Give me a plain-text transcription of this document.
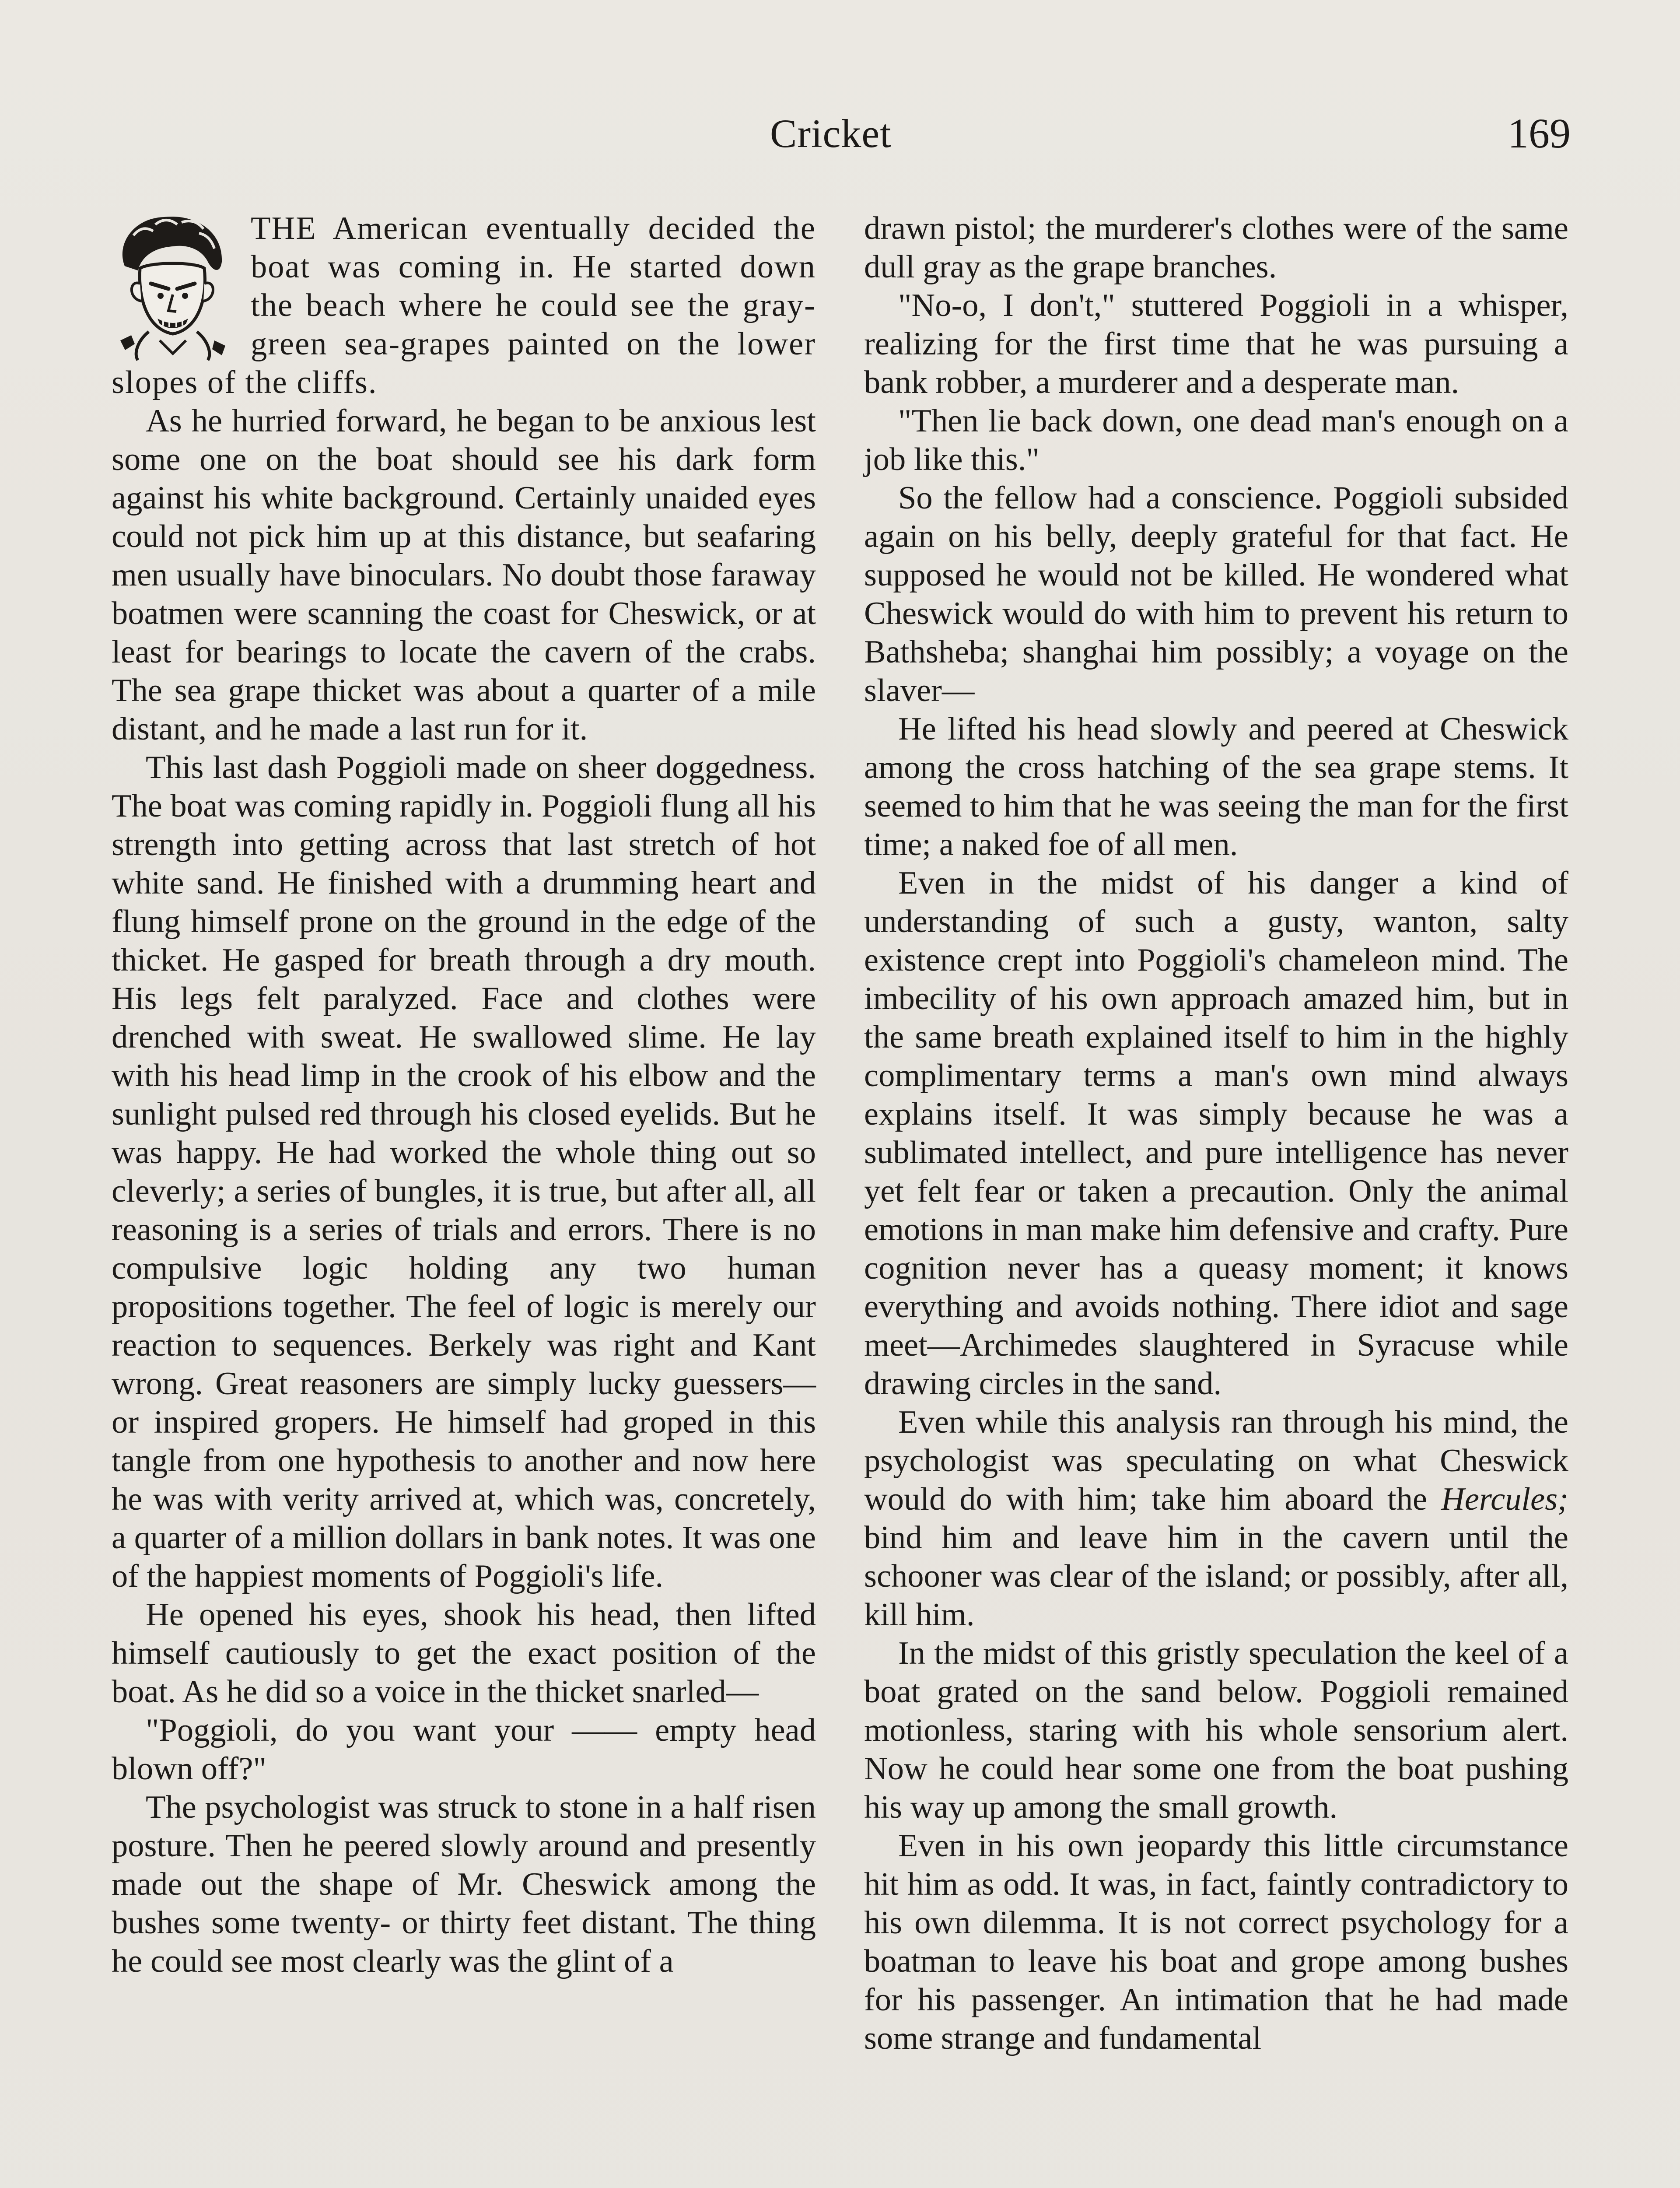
Cricket	169

THE American eventually decided the boat was coming in. He started down the beach where he could see the gray-green sea-grapes painted on the lower slopes of the cliffs.

As he hurried forward, he began to be anxious lest some one on the boat should see his dark form against his white background. Certainly unaided eyes could not pick him up at this distance, but seafaring men usually have binoculars. No doubt those faraway boatmen were scanning the coast for Cheswick, or at least for bearings to locate the cavern of the crabs. The sea grape thicket was about a quarter of a mile distant, and he made a last run for it.

This last dash Poggioli made on sheer doggedness. The boat was coming rapidly in. Poggioli flung all his strength into getting across that last stretch of hot white sand. He finished with a drumming heart and flung himself prone on the ground in the edge of the thicket. He gasped for breath through a dry mouth. His legs felt paralyzed. Face and clothes were drenched with sweat. He swallowed slime. He lay with his head limp in the crook of his elbow and the sunlight pulsed red through his closed eyelids. But he was happy. He had worked the whole thing out so cleverly; a series of bungles, it is true, but after all, all reasoning is a series of trials and errors. There is no compulsive logic holding any two human propositions together. The feel of logic is merely our reaction to sequences. Berkely was right and Kant wrong. Great reasoners are simply lucky guessers—or inspired gropers. He himself had groped in this tangle from one hypothesis to another and now here he was with verity arrived at, which was, concretely, a quarter of a million dollars in bank notes. It was one of the happiest moments of Poggioli's life.

He opened his eyes, shook his head, then lifted himself cautiously to get the exact position of the boat. As he did so a voice in the thicket snarled—

"Poggioli, do you want your —— empty head blown off?"

The psychologist was struck to stone in a half risen posture. Then he peered slowly around and presently made out the shape of Mr. Cheswick among the bushes some twenty- or thirty feet distant. The thing he could see most clearly was the glint of a

drawn pistol; the murderer's clothes were of the same dull gray as the grape branches.

"No-o, I don't," stuttered Poggioli in a whisper, realizing for the first time that he was pursuing a bank robber, a murderer and a desperate man.

"Then lie back down, one dead man's enough on a job like this."

So the fellow had a conscience. Poggioli subsided again on his belly, deeply grateful for that fact. He supposed he would not be killed. He wondered what Cheswick would do with him to prevent his return to Bathsheba; shanghai him possibly; a voyage on the slaver—

He lifted his head slowly and peered at Cheswick among the cross hatching of the sea grape stems. It seemed to him that he was seeing the man for the first time; a naked foe of all men.

Even in the midst of his danger a kind of understanding of such a gusty, wanton, salty existence crept into Poggioli's chameleon mind. The imbecility of his own approach amazed him, but in the same breath explained itself to him in the highly complimentary terms a man's own mind always explains itself. It was simply because he was a sublimated intellect, and pure intelligence has never yet felt fear or taken a precaution. Only the animal emotions in man make him defensive and crafty. Pure cognition never has a queasy moment; it knows everything and avoids nothing. There idiot and sage meet—Archimedes slaughtered in Syracuse while drawing circles in the sand.

Even while this analysis ran through his mind, the psychologist was speculating on what Cheswick would do with him; take him aboard the Hercules; bind him and leave him in the cavern until the schooner was clear of the island; or possibly, after all, kill him.

In the midst of this gristly speculation the keel of a boat grated on the sand below. Poggioli remained motionless, staring with his whole sensorium alert. Now he could hear some one from the boat pushing his way up among the small growth.

Even in his own jeopardy this little circumstance hit him as odd. It was, in fact, faintly contradictory to his own dilemma. It is not correct psychology for a boatman to leave his boat and grope among bushes for his passenger. An intimation that he had made some strange and fundamental
